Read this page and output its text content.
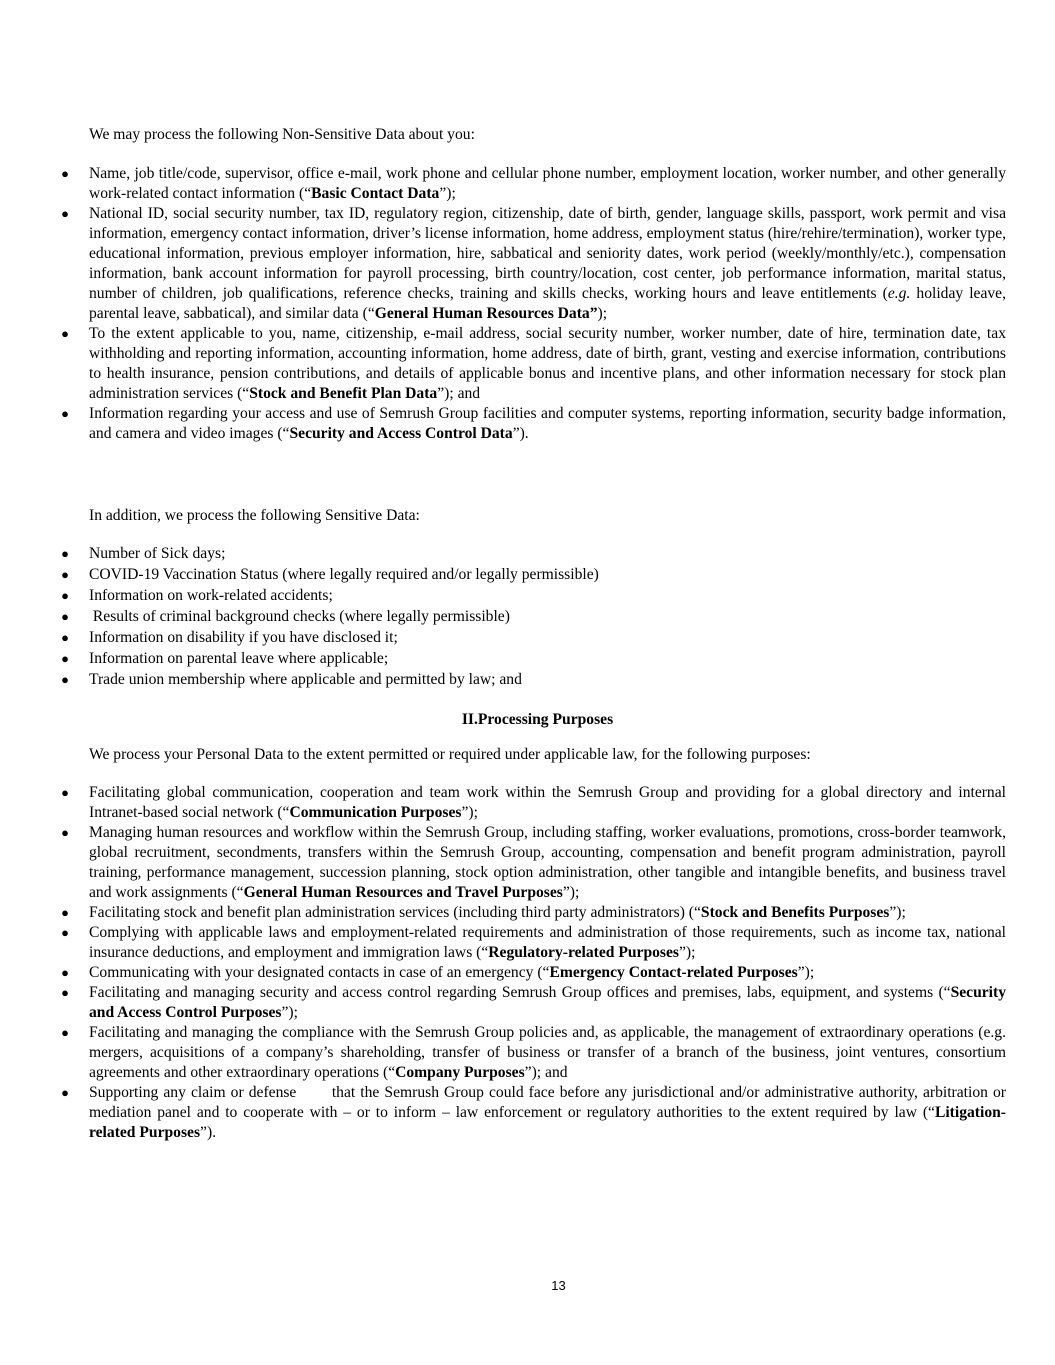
We may process the following Non-Sensitive Data about you:

● Name, job title/code, supervisor, office e-mail, work phone and cellular phone number, employment location, worker number, and other generally work-related contact information (“Basic Contact Data”);
● National ID, social security number, tax ID, regulatory region, citizenship, date of birth, gender, language skills, passport, work permit and visa information, emergency contact information, driver’s license information, home address, employment status (hire/rehire/termination), worker type, educational information, previous employer information, hire, sabbatical and seniority dates, work period (weekly/monthly/etc.), compensation information, bank account information for payroll processing, birth country/location, cost center, job performance information, marital status, number of children, job qualifications, reference checks, training and skills checks, working hours and leave entitlements (e.g. holiday leave, parental leave, sabbatical), and similar data (“General Human Resources Data”);
● To the extent applicable to you, name, citizenship, e-mail address, social security number, worker number, date of hire, termination date, tax withholding and reporting information, accounting information, home address, date of birth, grant, vesting and exercise information, contributions to health insurance, pension contributions, and details of applicable bonus and incentive plans, and other information necessary for stock plan administration services (“Stock and Benefit Plan Data”); and
● Information regarding your access and use of Semrush Group facilities and computer systems, reporting information, security badge information, and camera and video images (“Security and Access Control Data”).

In addition, we process the following Sensitive Data:

● Number of Sick days;
● COVID-19 Vaccination Status (where legally required and/or legally permissible)
● Information on work-related accidents;
● Results of criminal background checks (where legally permissible)
● Information on disability if you have disclosed it;
● Information on parental leave where applicable;
● Trade union membership where applicable and permitted by law; and

II.Processing Purposes

We process your Personal Data to the extent permitted or required under applicable law, for the following purposes:

● Facilitating global communication, cooperation and team work within the Semrush Group and providing for a global directory and internal Intranet-based social network (“Communication Purposes”);
● Managing human resources and workflow within the Semrush Group, including staffing, worker evaluations, promotions, cross-border teamwork, global recruitment, secondments, transfers within the Semrush Group, accounting, compensation and benefit program administration, payroll training, performance management, succession planning, stock option administration, other tangible and intangible benefits, and business travel and work assignments (“General Human Resources and Travel Purposes”);
● Facilitating stock and benefit plan administration services (including third party administrators) (“Stock and Benefits Purposes”);
● Complying with applicable laws and employment-related requirements and administration of those requirements, such as income tax, national insurance deductions, and employment and immigration laws (“Regulatory-related Purposes”);
● Communicating with your designated contacts in case of an emergency (“Emergency Contact-related Purposes”);
● Facilitating and managing security and access control regarding Semrush Group offices and premises, labs, equipment, and systems (“Security and Access Control Purposes”);
● Facilitating and managing the compliance with the Semrush Group policies and, as applicable, the management of extraordinary operations (e.g. mergers, acquisitions of a company’s shareholding, transfer of business or transfer of a branch of the business, joint ventures, consortium agreements and other extraordinary operations (“Company Purposes”); and
● Supporting any claim or defense       that the Semrush Group could face before any jurisdictional and/or administrative authority, arbitration or mediation panel and to cooperate with – or to inform – law enforcement or regulatory authorities to the extent required by law (“Litigation-related Purposes”).
13
